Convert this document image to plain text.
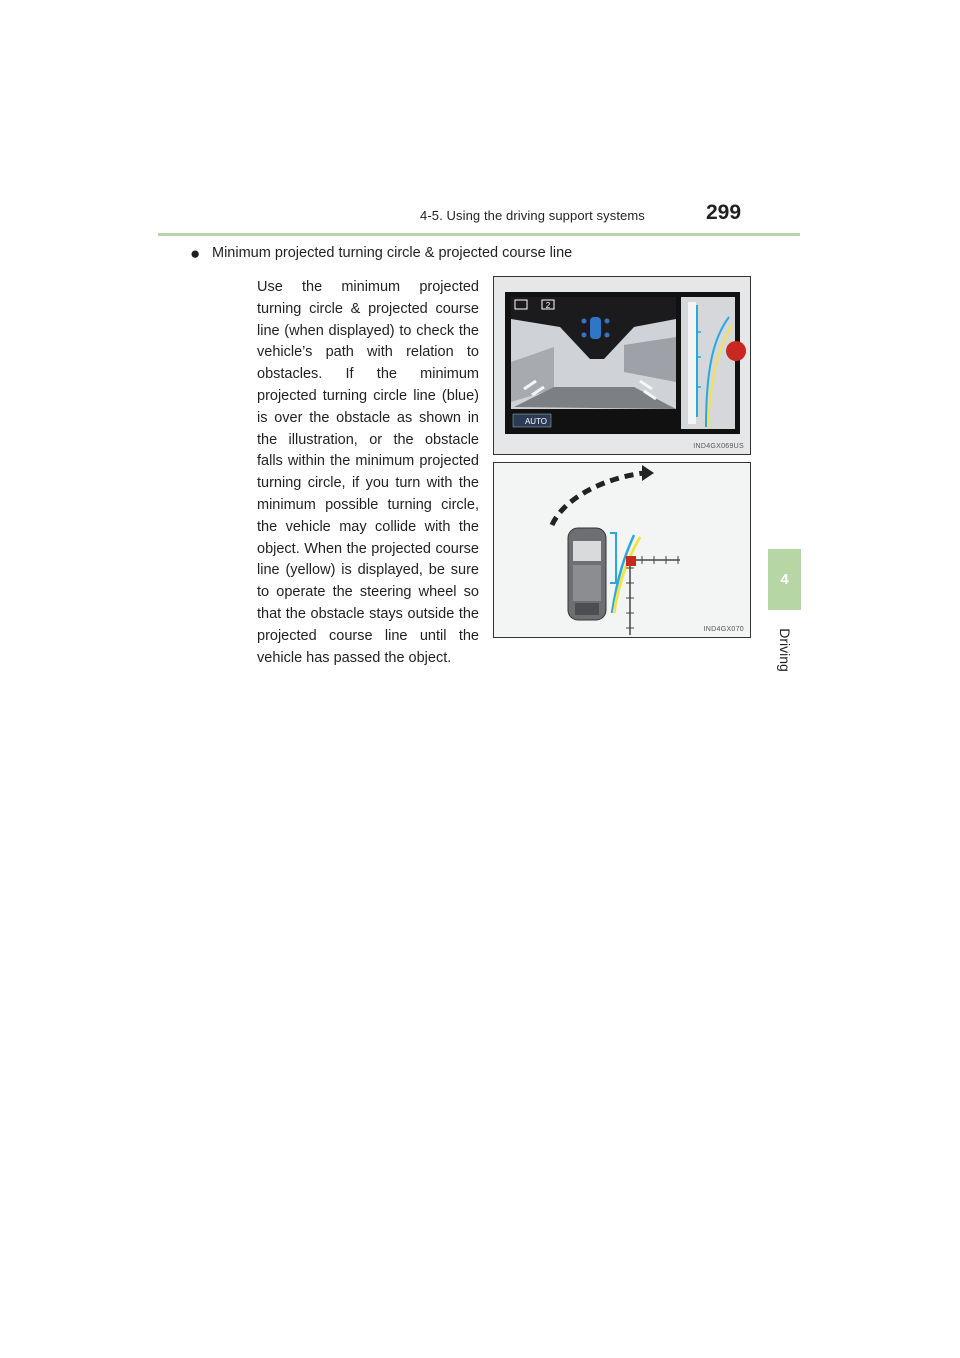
4-5. Using the driving support systems	299
4
Driving
● Minimum projected turning circle & projected course line
Use the minimum projected turning circle & projected course line (when displayed) to check the vehicle’s path with relation to obstacles. If the minimum projected turning circle line (blue) is over the obstacle as shown in the illustration, or the obstacle falls within the minimum projected turning circle, if you turn with the minimum possible turning circle, the vehicle may collide with the object. When the projected course line (yellow) is displayed, be sure to operate the steering wheel so that the obstacle stays outside the projected course line until the vehicle has passed the object.
2
AUTO
IND4GX069US
IND4GX070
